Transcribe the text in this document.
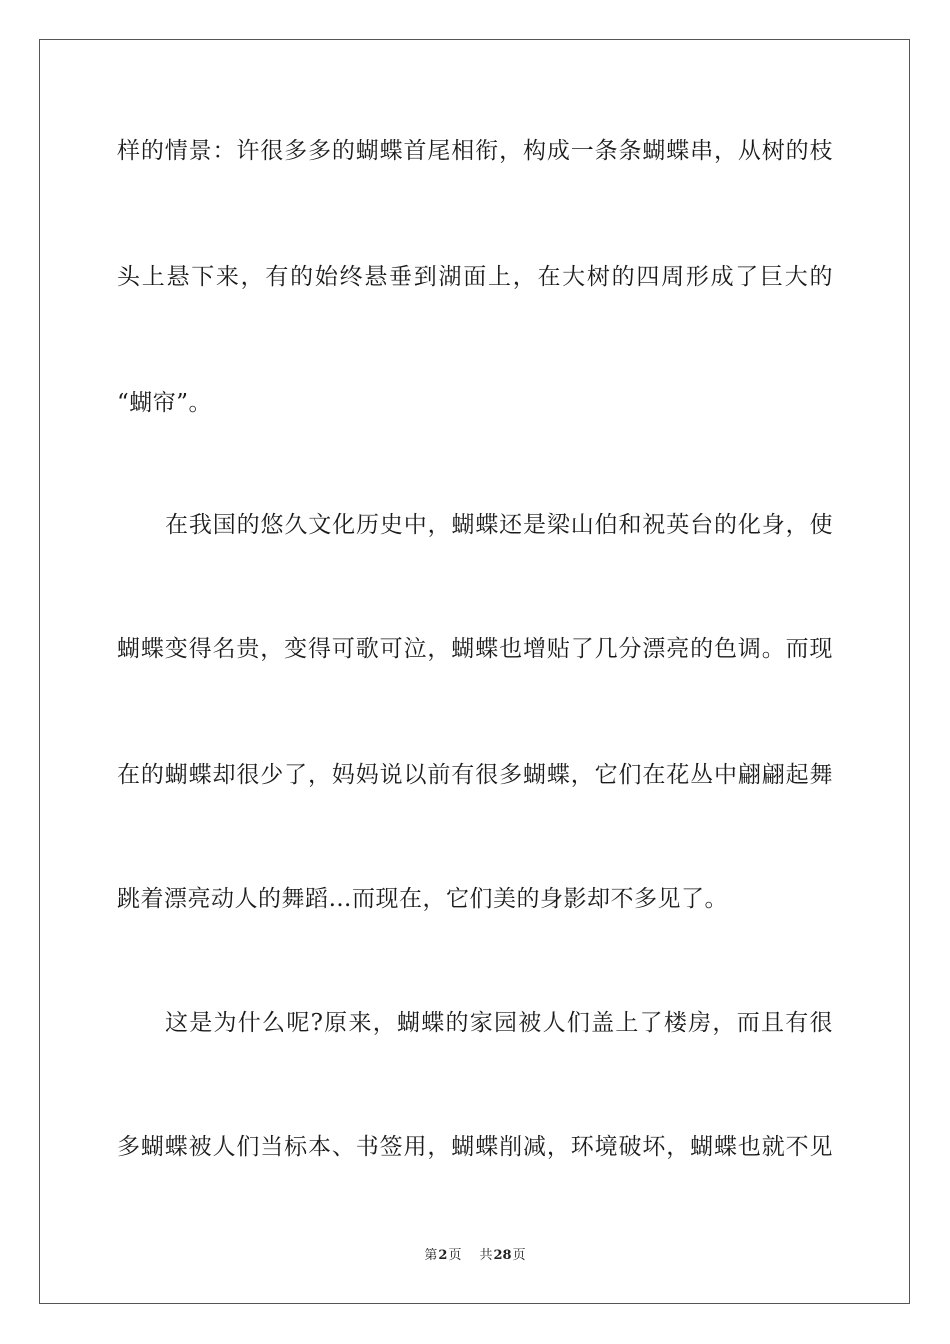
样的情景：许很多多的蝴蝶首尾相衔，构成一条条蝴蝶串，从树的枝
头上悬下来，有的始终悬垂到湖面上，在大树的四周形成了巨大的
“蝴帘”。
在我国的悠久文化历史中，蝴蝶还是梁山伯和祝英台的化身，使
蝴蝶变得名贵，变得可歌可泣，蝴蝶也增贴了几分漂亮的色调。而现
在的蝴蝶却很少了，妈妈说以前有很多蝴蝶，它们在花丛中翩翩起舞
跳着漂亮动人的舞蹈…而现在，它们美的身影却不多见了。
这是为什么呢?原来，蝴蝶的家园被人们盖上了楼房，而且有很
多蝴蝶被人们当标本、书签用，蝴蝶削减，环境破坏，蝴蝶也就不见
第2页 共28页
